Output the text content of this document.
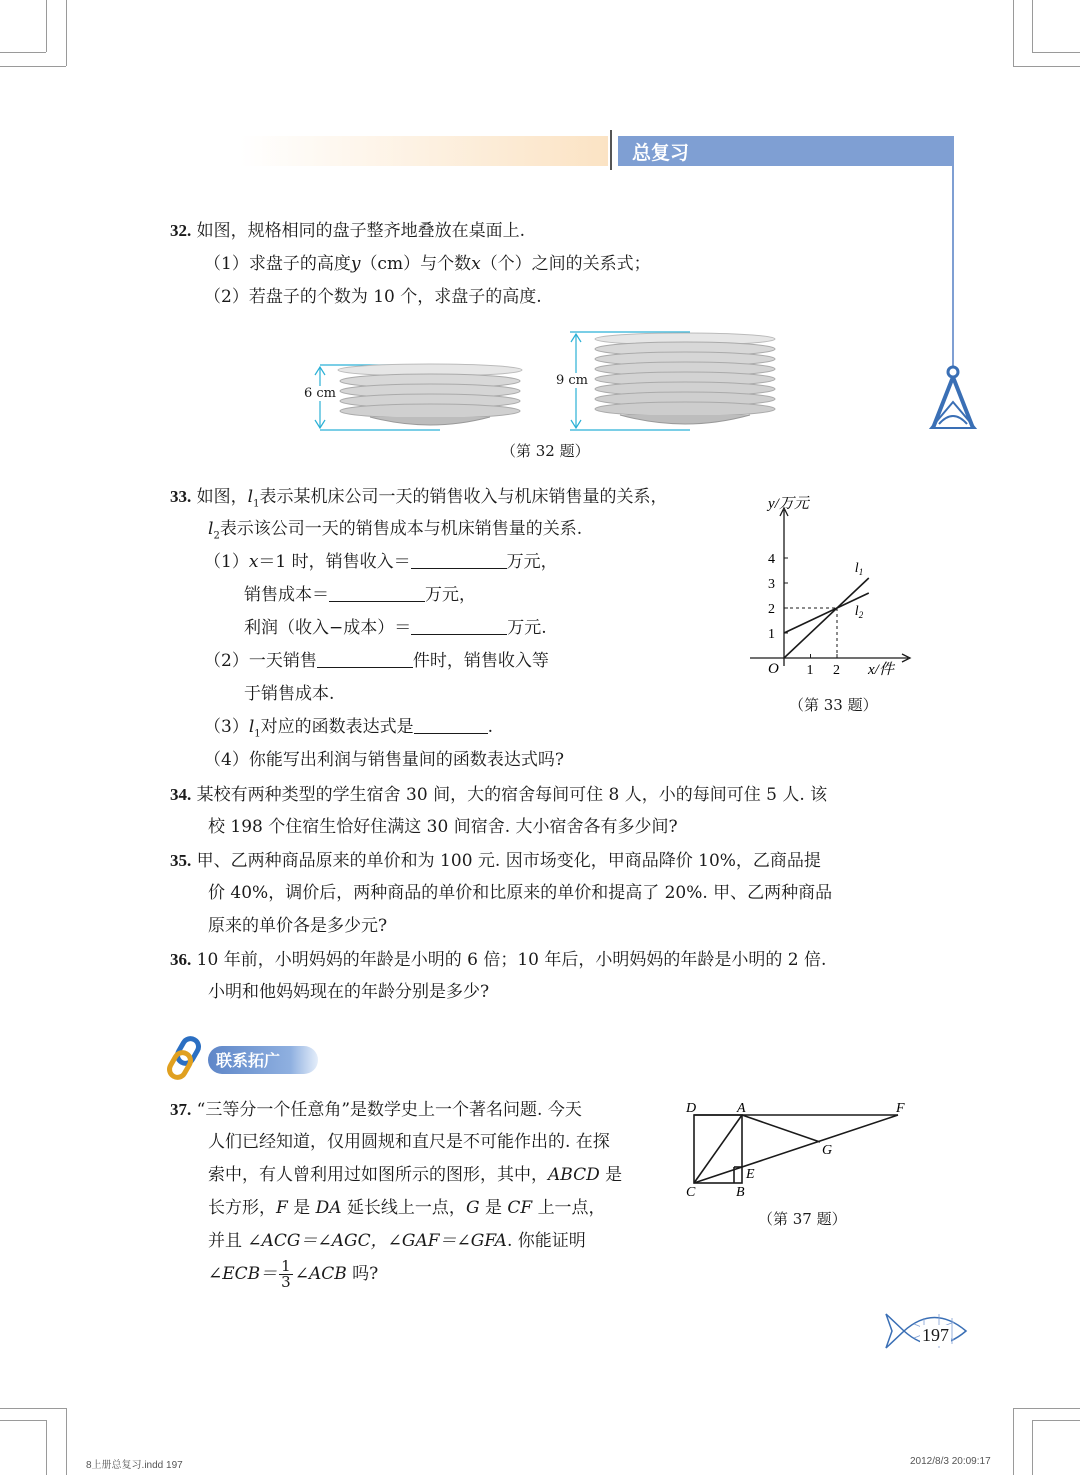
总复习
32. 如图，规格相同的盘子整齐地叠放在桌面上.
（1）求盘子的高度y（cm）与个数x（个）之间的关系式；
（2）若盘子的个数为 10 个，求盘子的高度.
6 cm
9 cm
（第 32 题）
33. 如图，$l_1$表示某机床公司一天的销售收入与机床销售量的关系，
$l_2$表示该公司一天的销售成本与机床销售量的关系.
（1）x＝1 时，销售收入＝	万元，
销售成本＝	万元，
利润（收入−成本）＝	万元.
（2）一天销售	件时，销售收入等
于销售成本.
$(3)l_1$对应的函数表达式是	.
（4）你能写出利润与销售量间的函数表达式吗?
y/万元
x/件
O
1
2
3
4
1 2
$l_1$
$l_2$
（第 33 题）
34. 某校有两种类型的学生宿舍 30 间，大的宿舍每间可住 8 人，小的每间可住 5 人. 该
校 198 个住宿生恰好住满这 30 间宿舍. 大小宿舍各有多少间?
35. 甲、乙两种商品原来的单价和为 100 元. 因市场变化，甲商品降价 10%，乙商品提
价 40%，调价后，两种商品的单价和比原来的单价和提高了 20%. 甲、乙两种商品
原来的单价各是多少元?
36. 10 年前，小明妈妈的年龄是小明的 6 倍；10 年后，小明妈妈的年龄是小明的 2 倍.
小明和他妈妈现在的年龄分别是多少?
联系拓广
37. “三等分一个任意角”是数学史上一个著名问题. 今天
人们已经知道，仅用圆规和直尺是不可能作出的. 在探
索中，有人曾利用过如图所示的图形，其中，ABCD 是
长方形，F 是 DA 延长线上一点，G 是 CF 上一点，
并且 ∠ACG＝∠AGC，∠GAF＝∠GFA. 你能证明
∠ECB＝ $\frac{1}{3}$ ∠ACB 吗?
D	A	F
G
E
C	B
（第 37 题）
197
8上册总复习.indd 197	2012/8/3 20:09:17
